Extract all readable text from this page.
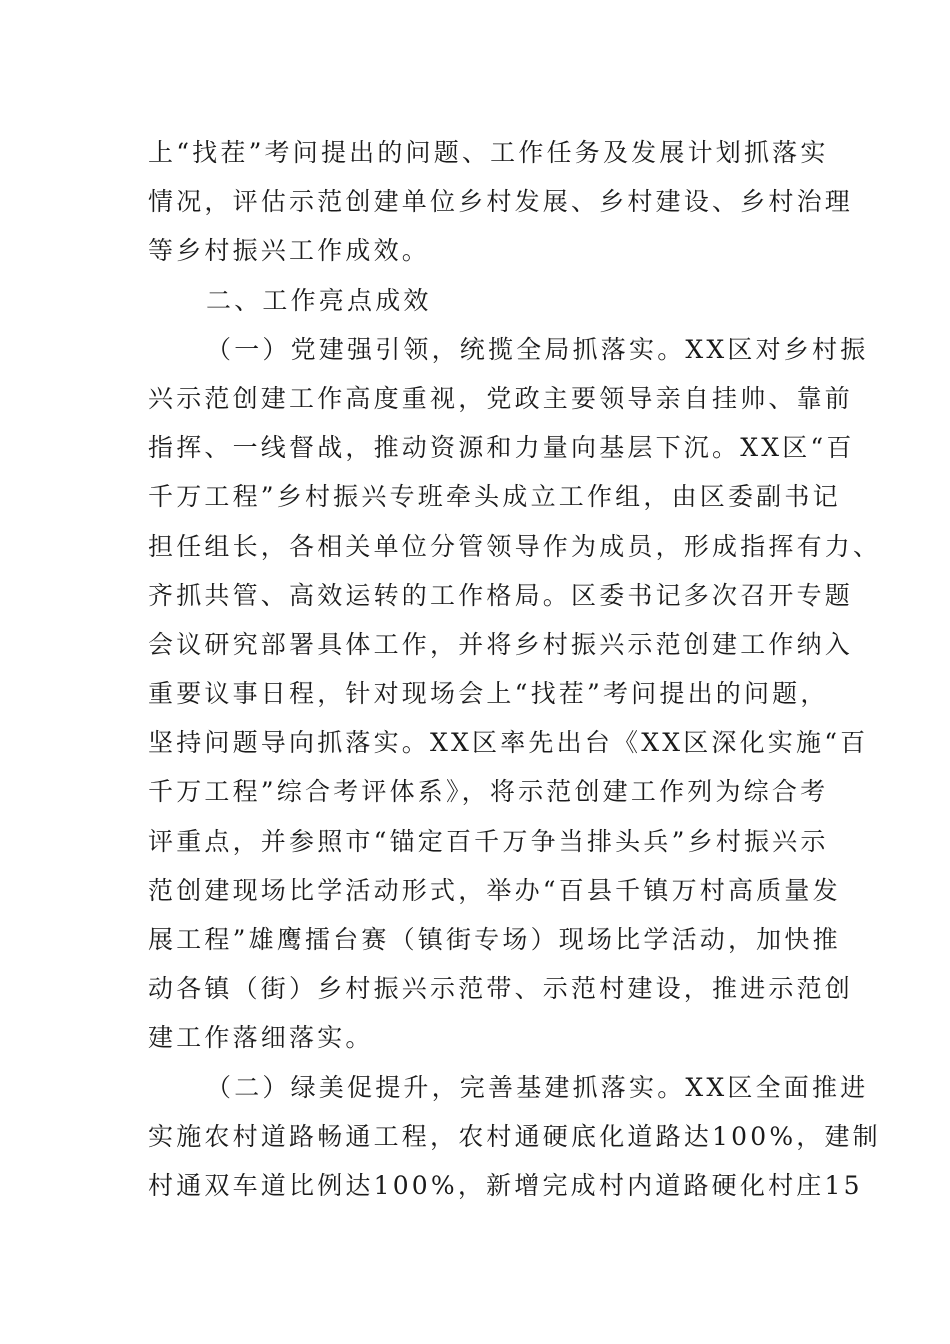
上“找茬”考问提出的问题、工作任务及发展计划抓落实
情况，评估示范创建单位乡村发展、乡村建设、乡村治理
等乡村振兴工作成效。
二、工作亮点成效
（一）党建强引领，统揽全局抓落实。XX区对乡村振
兴示范创建工作高度重视，党政主要领导亲自挂帅、靠前
指挥、一线督战，推动资源和力量向基层下沉。XX区“百
千万工程”乡村振兴专班牵头成立工作组，由区委副书记
担任组长，各相关单位分管领导作为成员，形成指挥有力、
齐抓共管、高效运转的工作格局。区委书记多次召开专题
会议研究部署具体工作，并将乡村振兴示范创建工作纳入
重要议事日程，针对现场会上“找茬”考问提出的问题，
坚持问题导向抓落实。XX区率先出台《XX区深化实施“百
千万工程”综合考评体系》，将示范创建工作列为综合考
评重点，并参照市“锚定百千万争当排头兵”乡村振兴示
范创建现场比学活动形式，举办“百县千镇万村高质量发
展工程”雄鹰擂台赛（镇街专场）现场比学活动，加快推
动各镇（街）乡村振兴示范带、示范村建设，推进示范创
建工作落细落实。
（二）绿美促提升，完善基建抓落实。XX区全面推进
实施农村道路畅通工程，农村通硬底化道路达100%，建制
村通双车道比例达100%，新增完成村内道路硬化村庄15
